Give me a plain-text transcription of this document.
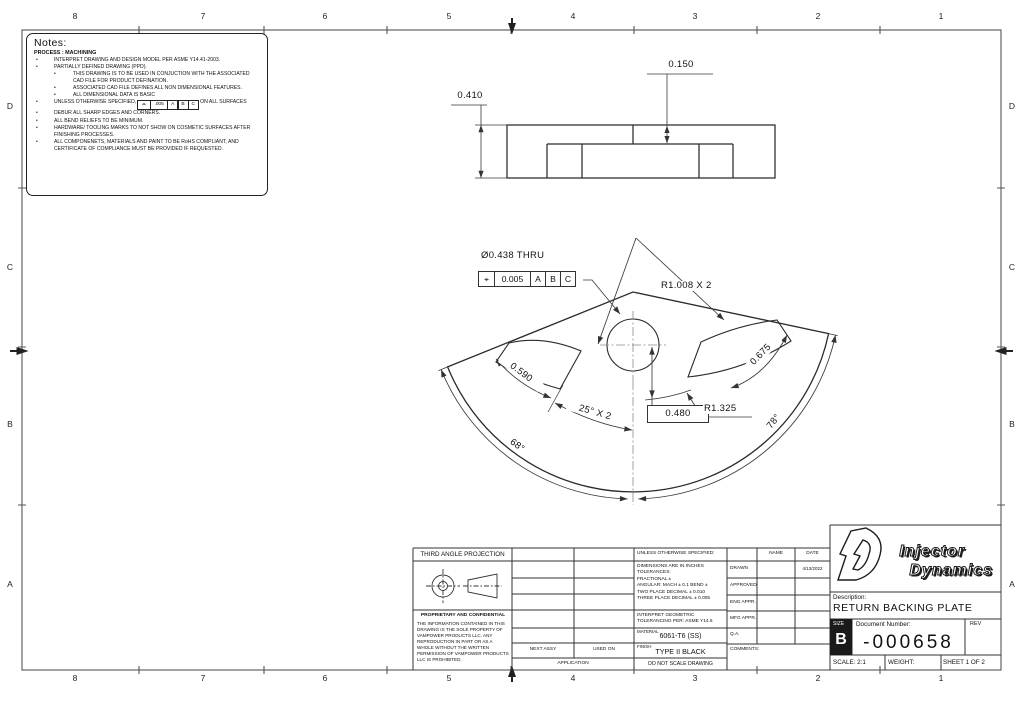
8	7	6	5	4	3	2	1
8	7	6	5	4	3	2	1
D
C
B
A
D
C
B
A
Notes:
PROCESS : MACHINING
•	INTERPRET DRAWING AND DESIGN MODEL PER ASME Y14.41-2003.
•	PARTIALLY DEFINED DRAWING (PPD).
•	THIS DRAWING IS TO BE USED IN CONJUCTION WITH THE ASSOCIATED CAD FILE FOR PRODUCT DEFINATION.
•	ASSOCIATED CAD FILE DEFINES ALL NON DIMENSIONAL FEATURES.
•	ALL DIMENSIONAL DATA IS BASIC
•	UNLESS OTHERWISE SPECIFIED,	⌓	.005	A	B	C	ON ALL SURFACES
•	DEBUR ALL SHARP EDGES AND CORNERS.
•	ALL BEND RELIEFS TO BE MINIMUM.
•	HARDWARE/ TOOLING MARKS TO NOT SHOW ON COSMETIC SURFACES AFTER FINISHING PROCESSES.
•	ALL COMPONENETS, MATERIALS AND PAINT TO BE RoHS COMPLIANT, AND CERTIFICATE OF COMPLIANCE MUST BE PROVIDED IF REQUESTED.
0.410
0.150
Ø0.438 THRU
⌖	0.005	A	B	C
R1.008 X 2
0.590
0.675
25° X 2	0.480	R1.325
68°
78°
THIRD ANGLE PROJECTION
PROPRIETARY AND CONFIDENTIAL
THE INFORMATION CONTAINED IN THIS DRAWING IS THE SOLE PROPERTY OF VAMPOWER PRODUCTS LLC. ANY REPRODUCTION IN PART OR AS A WHOLE WITHOUT THE WRITTEN PERMISSION OF VAMPOWER PRODUCTS LLC IS PROHIBITED.
NEXT ASSY	USED ON
APPLICATION
UNLESS OTHERWISE SPECIFIED:
DIMENSIONS ARE IN INCHES
TOLERANCES:
FRACTIONAL ±
ANGULAR: MACH ± 0.1 BEND ±
TWO PLACE DECIMAL ± 0.010
THREE PLACE DECIMAL ± 0.005
INTERPRET GEOMETRIC TOLERANCING PER: ASME Y14.5
MATERIAL
6061-T6 (SS)
FINISH
TYPE II BLACK
DO NOT SCALE DRAWING
NAME	DATE
DRAWN	4/13/2022
APPROVED
ENG APPR.
MFG APPR.
Q.A.
COMMENTS:
Injector
Dynamics
Description:
RETURN BACKING PLATE
SIZE
B
Document Number:
-000658
REV
SCALE: 2:1	WEIGHT:	SHEET 1 OF 2
